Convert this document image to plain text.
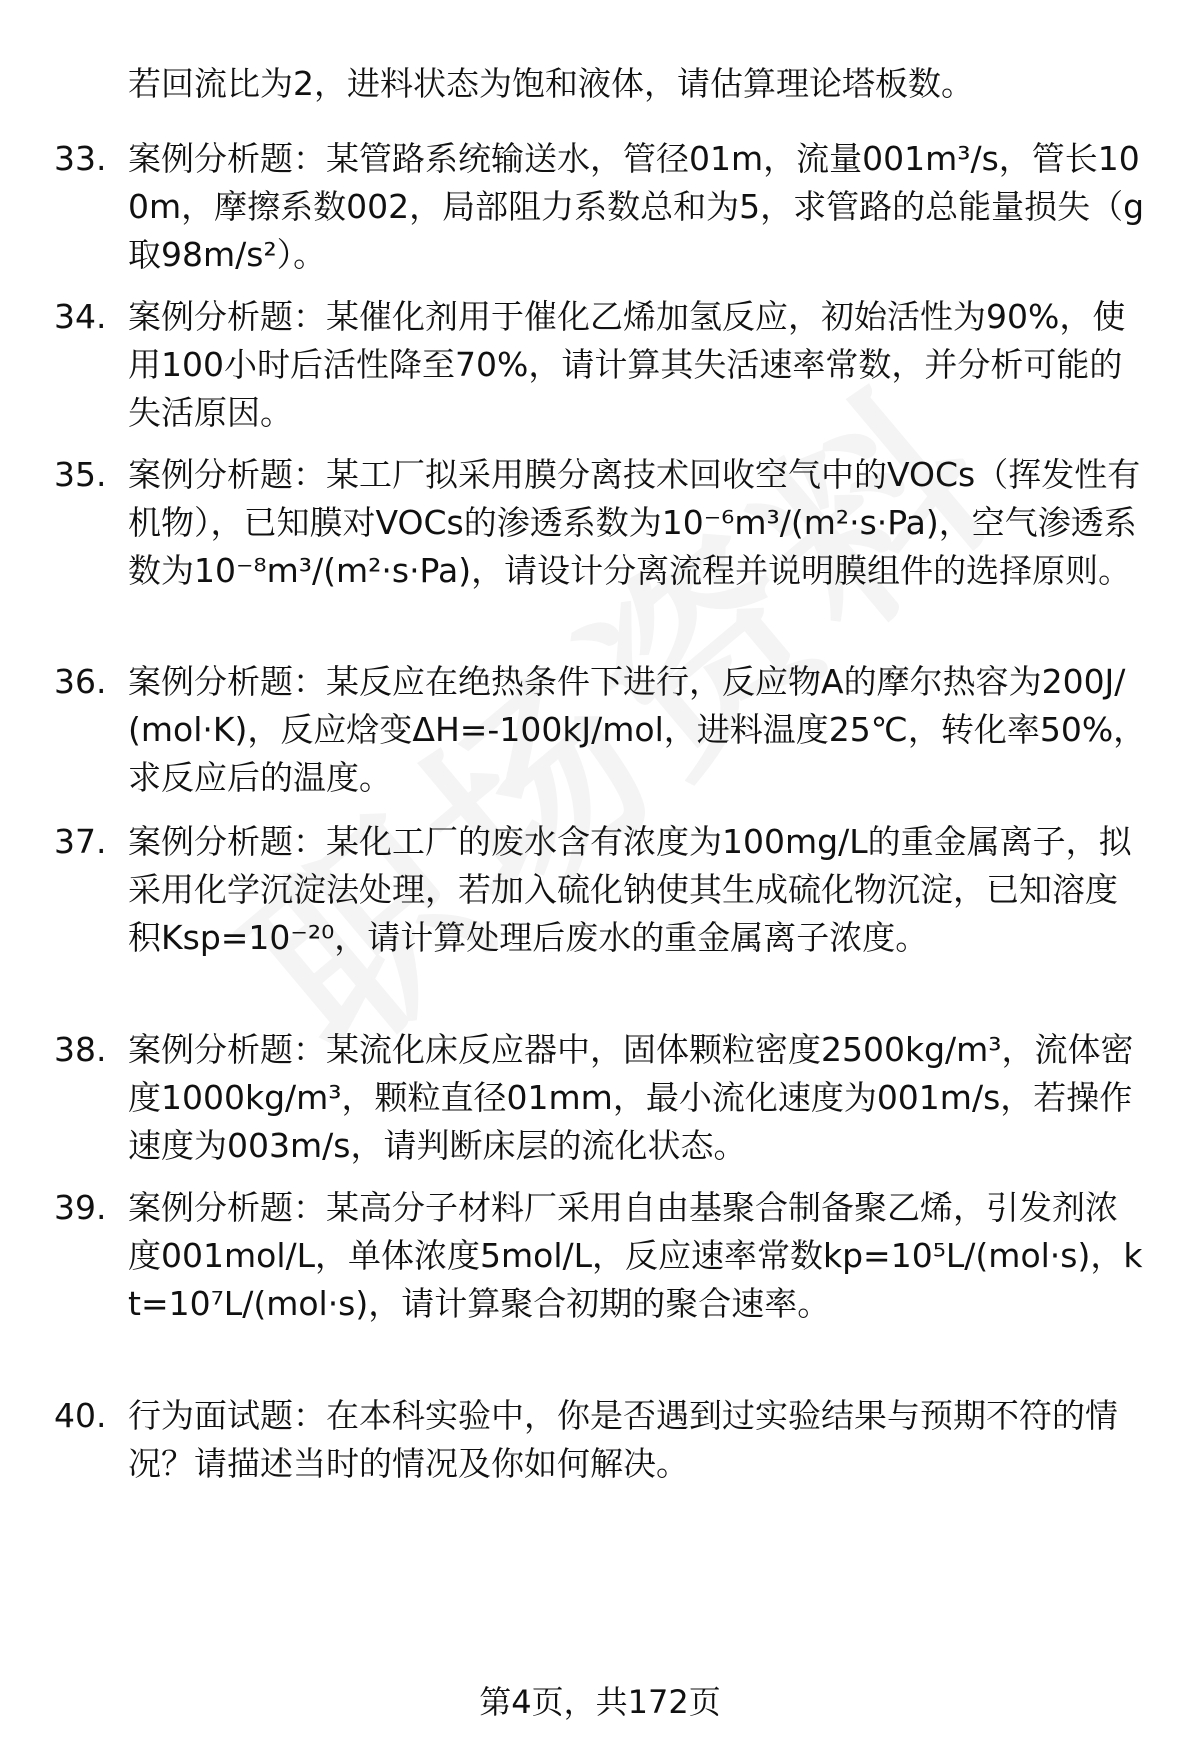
若回流比为2，进料状态为饱和液体，请估算理论塔板数。
33. 案例分析题：某管路系统输送水，管径01m，流量001m³/s，管长100m，摩擦系数002，局部阻力系数总和为5，求管路的总能量损失（g取98m/s²）。
34. 案例分析题：某催化剂用于催化乙烯加氢反应，初始活性为90%，使用100小时后活性降至70%，请计算其失活速率常数，并分析可能的失活原因。
35. 案例分析题：某工厂拟采用膜分离技术回收空气中的VOCs（挥发性有机物），已知膜对VOCs的渗透系数为10⁻⁶m³/(m²·s·Pa)，空气渗透系数为10⁻⁸m³/(m²·s·Pa)，请设计分离流程并说明膜组件的选择原则。
36. 案例分析题：某反应在绝热条件下进行，反应物A的摩尔热容为200J/(mol·K)，反应焓变ΔH=-100kJ/mol，进料温度25℃，转化率50%，求反应后的温度。
37. 案例分析题：某化工厂的废水含有浓度为100mg/L的重金属离子，拟采用化学沉淀法处理，若加入硫化钠使其生成硫化物沉淀，已知溶度积Ksp=10⁻²⁰，请计算处理后废水的重金属离子浓度。
38. 案例分析题：某流化床反应器中，固体颗粒密度2500kg/m³，流体密度1000kg/m³，颗粒直径01mm，最小流化速度为001m/s，若操作速度为003m/s，请判断床层的流化状态。
39. 案例分析题：某高分子材料厂采用自由基聚合制备聚乙烯，引发剂浓度001mol/L，单体浓度5mol/L，反应速率常数kp=10⁵L/(mol·s)，kt=10⁷L/(mol·s)，请计算聚合初期的聚合速率。
40. 行为面试题：在本科实验中，你是否遇到过实验结果与预期不符的情况？请描述当时的情况及你如何解决。
第4页，共172页
